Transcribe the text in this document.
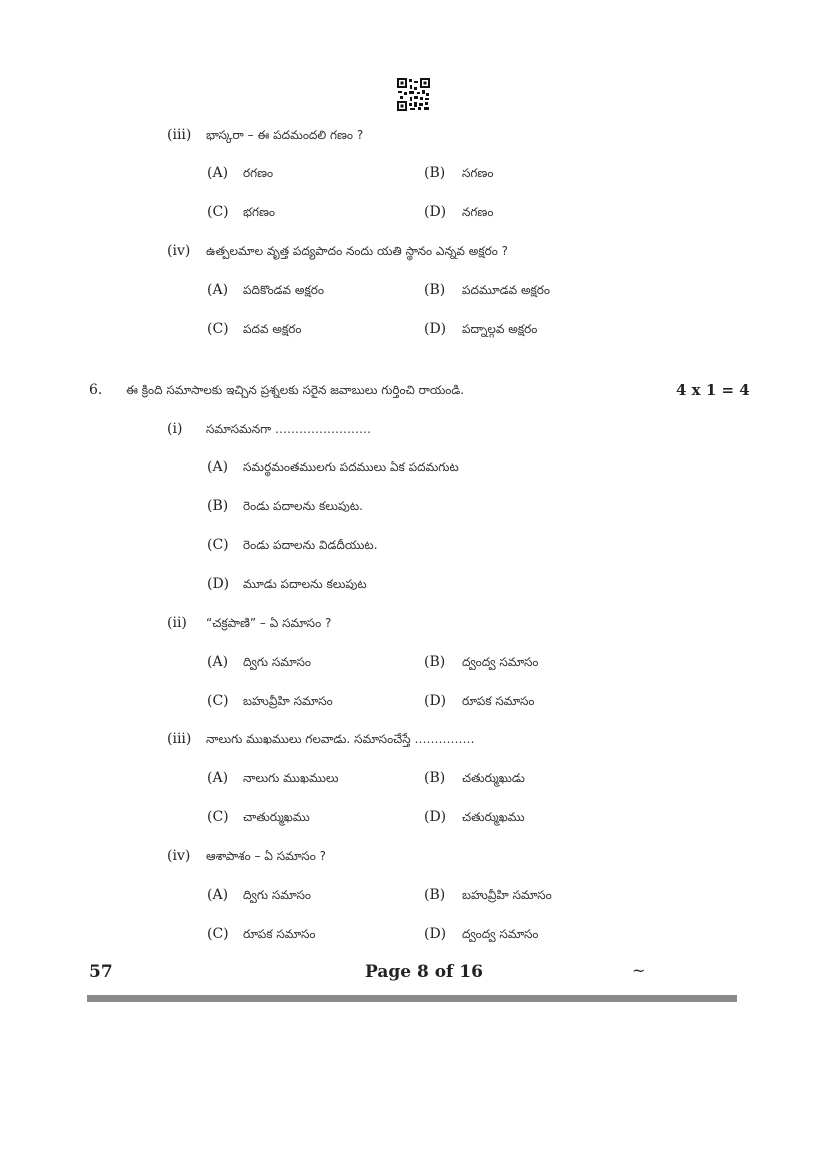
(iii) భాస్కరా – ఈ పదమందలి గణం ?
(A) రగణం	(B) సగణం
(C) భగణం	(D) నగణం
(iv) ఉత్పలమాల వృత్త పద్యపాదం నందు యతి స్థానం ఎన్నవ అక్షరం ?
(A) పదికొండవ అక్షరం	(B) పదమూడవ అక్షరం
(C) పదవ అక్షరం	(D) పద్నాల్గవ అక్షరం
6. ఈ క్రింది సమాసాలకు ఇచ్చిన ప్రశ్నలకు సరైన జవాబులు గుర్తించి రాయండి.	4 x 1 = 4
(i) సమాసమనగా ……………………
(A) సమర్థమంతములగు పదములు ఏక పదమగుట
(B) రెండు పదాలను కలుపుట.
(C) రెండు పదాలను విడదీయుట.
(D) మూడు పదాలను కలుపుట
(ii) “చక్రపాణి” – ఏ సమాసం ?
(A) ద్విగు సమాసం	(B) ద్వంద్వ సమాసం
(C) బహువ్రీహి సమాసం	(D) రూపక సమాసం
(iii) నాలుగు ముఖములు గలవాడు. సమాసంచేస్తే ……………
(A) నాలుగు ముఖములు	(B) చతుర్ముఖుడు
(C) చాతుర్ముఖము	(D) చతుర్ముఖము
(iv) ఆశాపాశం – ఏ సమాసం ?
(A) ద్విగు సమాసం	(B) బహువ్రీహి సమాసం
(C) రూపక సమాసం	(D) ద్వంద్వ సమాసం
57	Page 8 of 16	~
